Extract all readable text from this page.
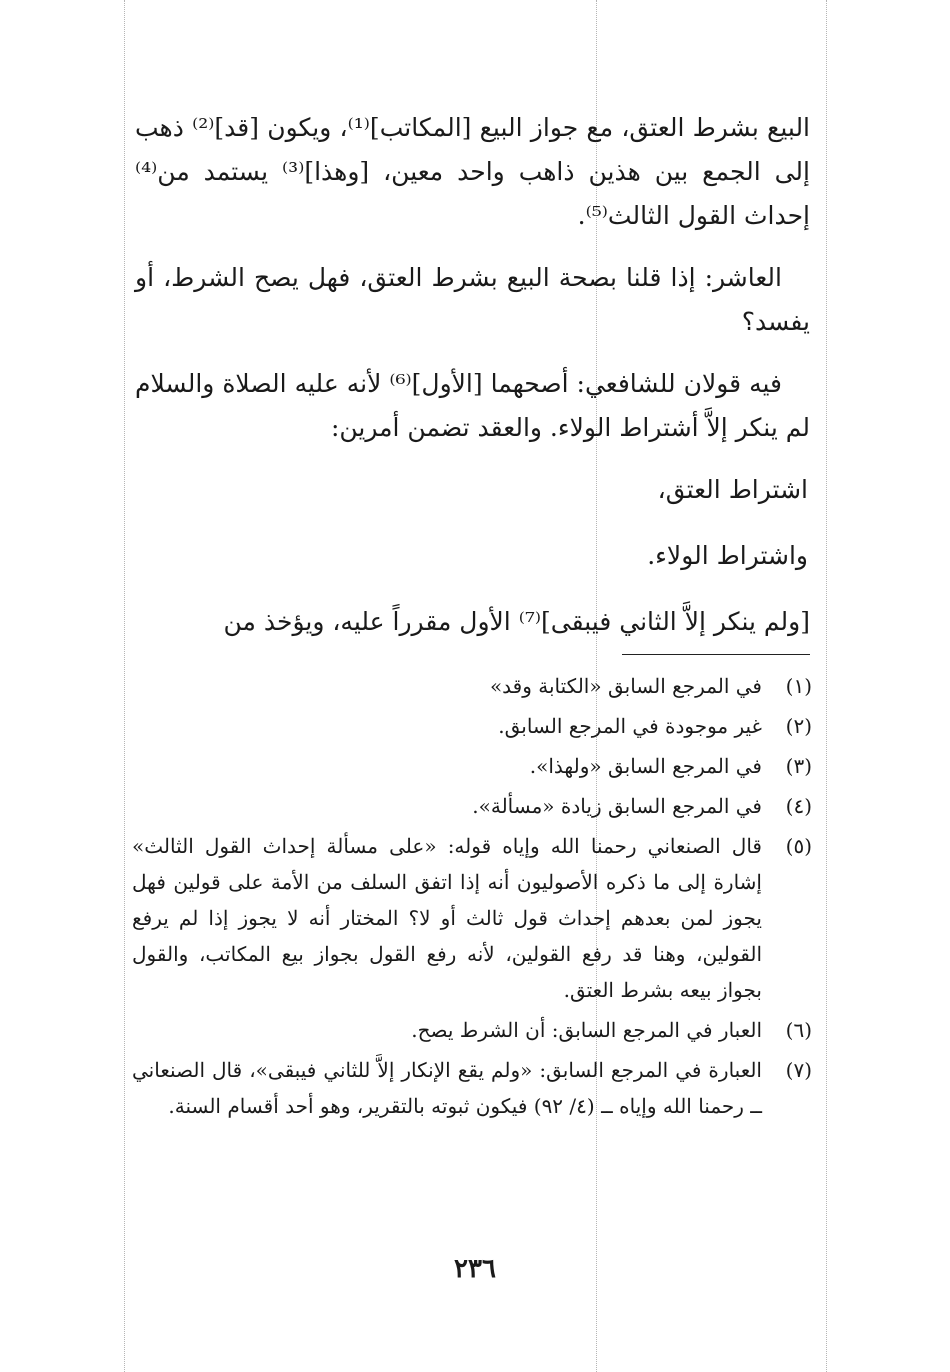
البيع بشرط العتق، مع جواز البيع [المكاتب]⁽¹⁾، ويكون [قد]⁽²⁾ ذهب إلى الجمع بين هذين ذاهب واحد معين، [وهذا]⁽³⁾ يستمد من⁽⁴⁾ إحداث القول الثالث⁽⁵⁾.

العاشر: إذا قلنا بصحة البيع بشرط العتق، فهل يصح الشرط، أو يفسد؟

فيه قولان للشافعي: أصحهما [الأول]⁽⁶⁾ لأنه عليه الصلاة والسلام لم ينكر إلاَّ أشتراط الولاء. والعقد تضمن أمرين:

اشتراط العتق،

واشتراط الولاء.

[ولم ينكر إلاَّ الثاني فيبقى]⁽⁷⁾ الأول مقرراً عليه، ويؤخذ من

(١)
في المرجع السابق «الكتابة وقد»
(٢)
غير موجودة في المرجع السابق.
(٣)
في المرجع السابق «ولهذا».
(٤)
في المرجع السابق زيادة «مسألة».
(٥)
قال الصنعاني رحمنا الله وإياه قوله: «على مسألة إحداث القول الثالث» إشارة إلى ما ذكره الأصوليون أنه إذا اتفق السلف من الأمة على قولين فهل يجوز لمن بعدهم إحداث قول ثالث أو لا؟ المختار أنه لا يجوز إذا لم يرفع القولين، وهنا قد رفع القولين، لأنه رفع القول بجواز بيع المكاتب، والقول بجواز بيعه بشرط العتق.
(٦)
العبار في المرجع السابق: أن الشرط يصح.
(٧)
العبارة في المرجع السابق: «ولم يقع الإنكار إلاَّ للثاني فيبقى»، قال الصنعاني ــ رحمنا الله وإياه ــ (٤/ ٩٢) فيكون ثبوته بالتقرير، وهو أحد أقسام السنة.
٢٣٦
